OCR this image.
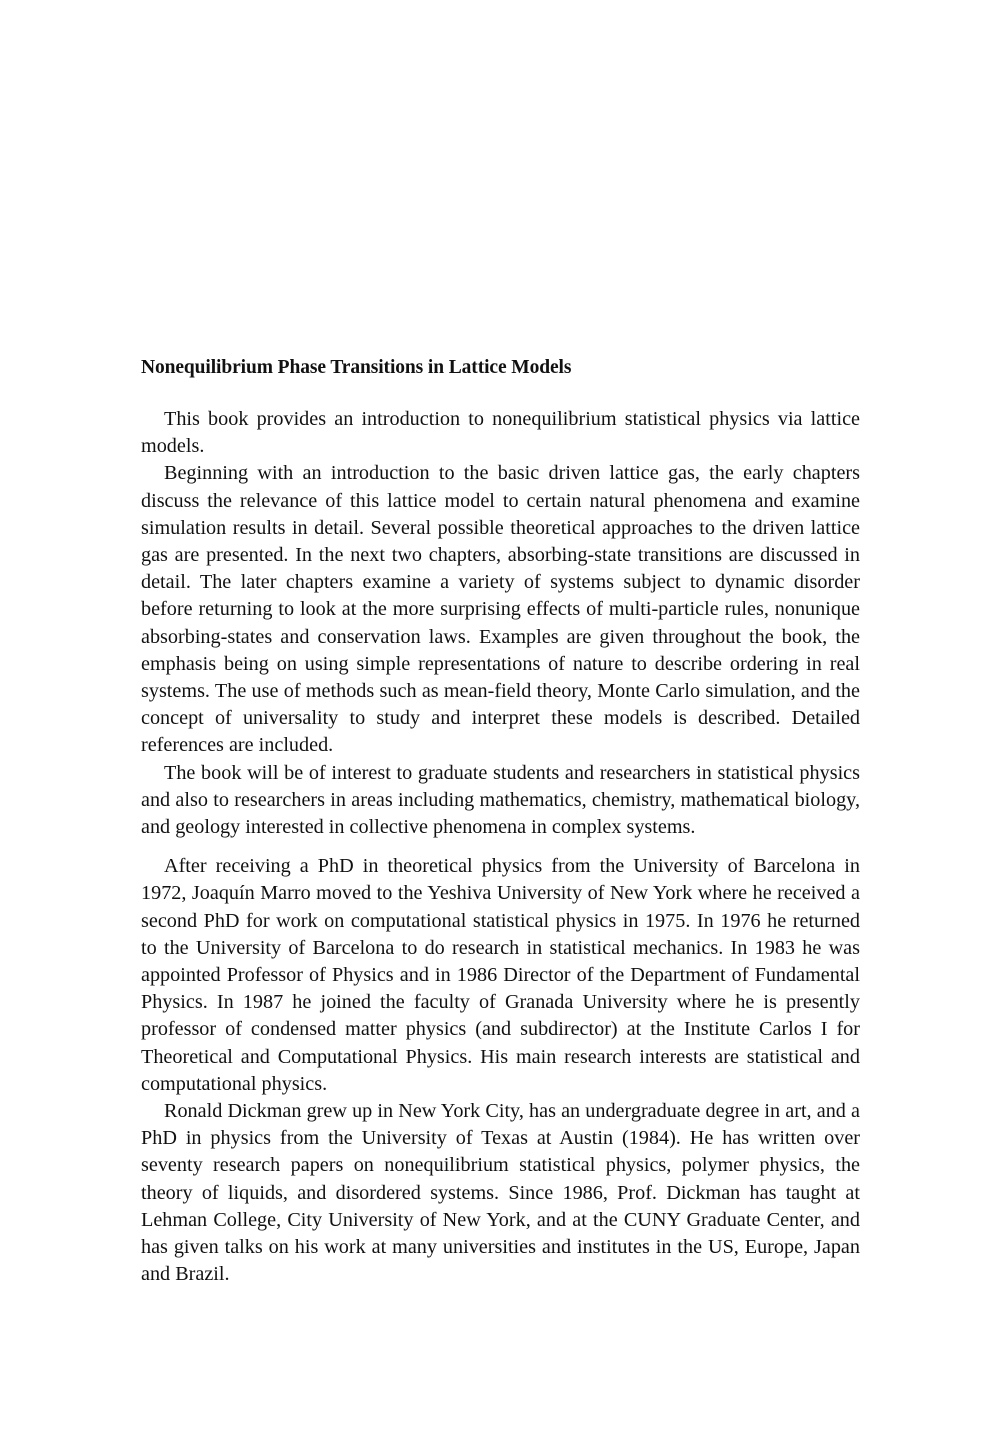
Nonequilibrium Phase Transitions in Lattice Models

This book provides an introduction to nonequilibrium statistical physics via lattice models.

Beginning with an introduction to the basic driven lattice gas, the early chapters discuss the relevance of this lattice model to certain natural phenomena and examine simulation results in detail. Several possible theoretical approaches to the driven lattice gas are presented. In the next two chapters, absorbing-state transitions are discussed in detail. The later chapters examine a variety of systems subject to dynamic disorder before returning to look at the more surprising effects of multi-particle rules, nonunique absorbing-states and conservation laws. Examples are given throughout the book, the emphasis being on using simple representations of nature to describe ordering in real systems. The use of methods such as mean-field theory, Monte Carlo simulation, and the concept of universality to study and interpret these models is described. Detailed references are included.

The book will be of interest to graduate students and researchers in statistical physics and also to researchers in areas including mathematics, chemistry, mathematical biology, and geology interested in collective phenomena in complex systems.

After receiving a PhD in theoretical physics from the University of Barcelona in 1972, Joaquín Marro moved to the Yeshiva University of New York where he received a second PhD for work on computational statistical physics in 1975. In 1976 he returned to the University of Barcelona to do research in statistical mechanics. In 1983 he was appointed Professor of Physics and in 1986 Director of the Department of Fundamental Physics. In 1987 he joined the faculty of Granada University where he is presently professor of condensed matter physics (and subdirector) at the Institute Carlos I for Theoretical and Computational Physics. His main research interests are statistical and computational physics.

Ronald Dickman grew up in New York City, has an undergraduate degree in art, and a PhD in physics from the University of Texas at Austin (1984). He has written over seventy research papers on nonequilibrium statistical physics, polymer physics, the theory of liquids, and disordered systems. Since 1986, Prof. Dickman has taught at Lehman College, City University of New York, and at the CUNY Graduate Center, and has given talks on his work at many universities and institutes in the US, Europe, Japan and Brazil.
